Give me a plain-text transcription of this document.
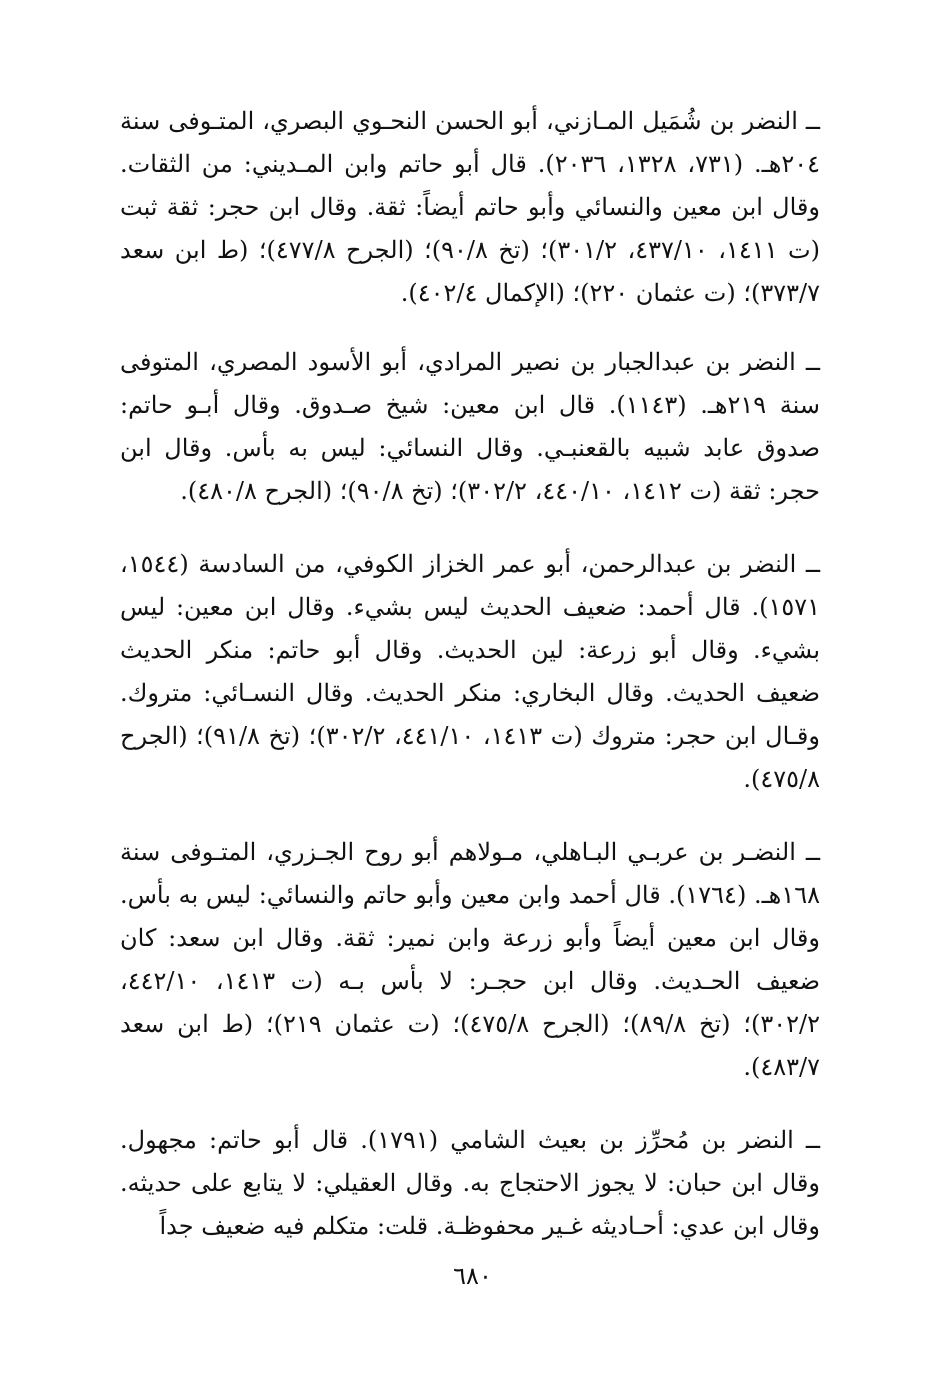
ــ النضر بن شُمَيل المـازني، أبو الحسن النحـوي البصري، المتـوفى سنة ٢٠٤هـ. (٧٣١، ١٣٢٨، ٢٠٣٦). قال أبو حاتم وابن المـديني: من الثقات. وقال ابن معين والنسائي وأبو حاتم أيضاً: ثقة. وقال ابن حجر: ثقة ثبت (ت ١٤١١، ٤٣٧/١٠، ٣٠١/٢)؛ (تخ ٩٠/٨)؛ (الجرح ٤٧٧/٨)؛ (ط ابن سعد ٣٧٣/٧)؛ (ت عثمان ٢٢٠)؛ (الإكمال ٤٠٢/٤).

ــ النضر بن عبدالجبار بن نصير المرادي، أبو الأسود المصري، المتوفى سنة ٢١٩هـ. (١١٤٣). قال ابن معين: شيخ صـدوق. وقال أبـو حاتم: صدوق عابد شبيه بالقعنبـي. وقال النسائي: ليس به بأس. وقال ابن حجر: ثقة (ت ١٤١٢، ٤٤٠/١٠، ٣٠٢/٢)؛ (تخ ٩٠/٨)؛ (الجرح ٤٨٠/٨).

ــ النضر بن عبدالرحمن، أبو عمر الخزاز الكوفي، من السادسة (١٥٤٤، ١٥٧١). قال أحمد: ضعيف الحديث ليس بشيء. وقال ابن معين: ليس بشيء. وقال أبو زرعة: لين الحديث. وقال أبو حاتم: منكر الحديث ضعيف الحديث. وقال البخاري: منكر الحديث. وقال النسـائي: متروك. وقـال ابن حجر: متروك (ت ١٤١٣، ٤٤١/١٠، ٣٠٢/٢)؛ (تخ ٩١/٨)؛ (الجرح ٤٧٥/٨).

ــ النضـر بن عربـي البـاهلي، مـولاهم أبو روح الجـزري، المتـوفى سنة ١٦٨هـ. (١٧٦٤). قال أحمد وابن معين وأبو حاتم والنسائي: ليس به بأس. وقال ابن معين أيضاً وأبو زرعة وابن نمير: ثقة. وقال ابن سعد: كان ضعيف الحـديث. وقال ابن حجـر: لا بأس بـه (ت ١٤١٣، ٤٤٢/١٠، ٣٠٢/٢)؛ (تخ ٨٩/٨)؛ (الجرح ٤٧٥/٨)؛ (ت عثمان ٢١٩)؛ (ط ابن سعد ٤٨٣/٧).

ــ النضر بن مُحرِّز بن بعيث الشامي (١٧٩١). قال أبو حاتم: مجهول. وقال ابن حبان: لا يجوز الاحتجاج به. وقال العقيلي: لا يتابع على حديثه. وقال ابن عدي: أحـاديثه غـير محفوظـة. قلت: متكلم فيه ضعيف جداً

٦٨٠
